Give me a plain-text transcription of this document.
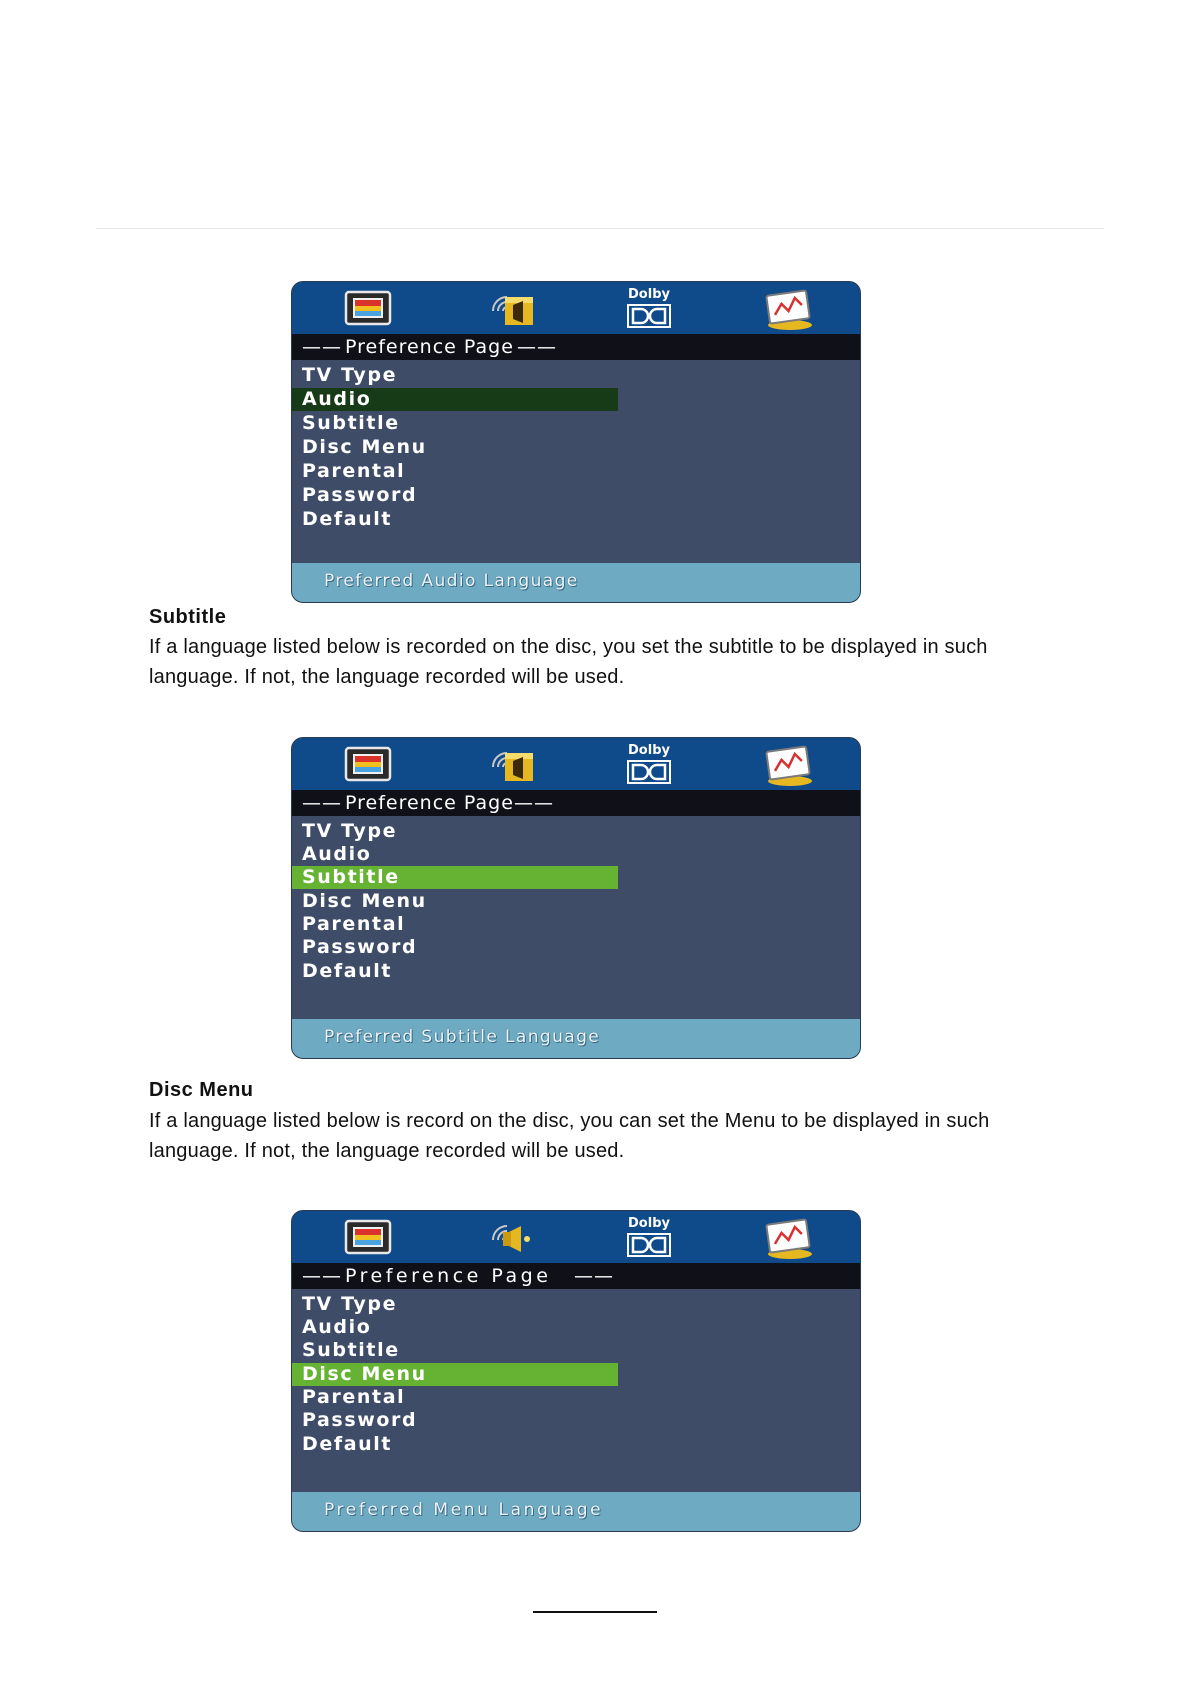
Dolby
—— Preference Page ——
TV Type
Audio
Subtitle
Disc Menu
Parental
Password
Default
Preferred Audio Language
Subtitle
If a language listed below is recorded on the disc, you set the subtitle to be displayed in such
language. If not, the language recorded will be used.
Dolby
—— Preference Page ——
TV Type
Audio
Subtitle
Disc Menu
Parental
Password
Default
Preferred Subtitle Language
Disc Menu
If a language listed below is record on the disc, you can set the Menu to be displayed in such
language. If not, the language recorded will be used.
Dolby
—— Preference Page ——
TV Type
Audio
Subtitle
Disc Menu
Parental
Password
Default
Preferred Menu Language
